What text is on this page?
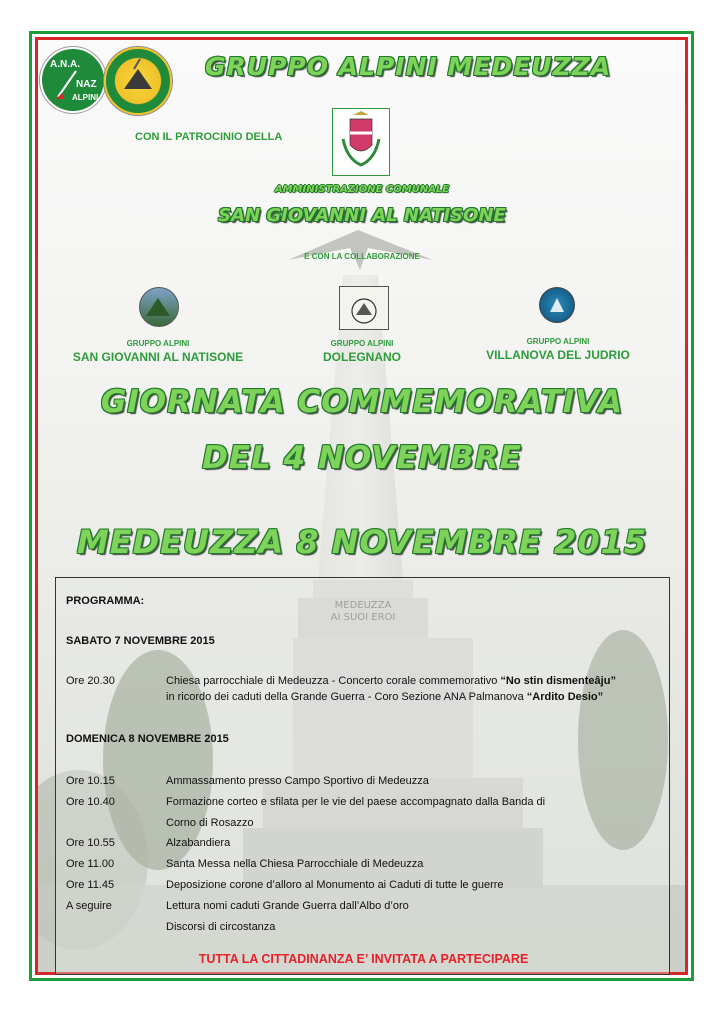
MEDEUZZA
AI SUOI EROI
A.N.A.
NAZ
ALPINI
GRUPPO ALPINI MEDEUZZA
CON IL PATROCINIO DELLA
AMMINISTRAZIONE COMUNALE
SAN GIOVANNI AL NATISONE
E CON LA COLLABORAZIONE
GRUPPO ALPINI
SAN GIOVANNI AL NATISONE
GRUPPO ALPINI
DOLEGNANO
GRUPPO ALPINI
VILLANOVA DEL JUDRIO
GIORNATA COMMEMORATIVA
DEL 4 NOVEMBRE
MEDEUZZA 8 NOVEMBRE 2015
PROGRAMMA:
SABATO 7 NOVEMBRE 2015
Ore 20.30	Chiesa parrocchiale di Medeuzza - Concerto corale commemorativo “No stin dismenteâju”
in ricordo dei caduti della Grande Guerra - Coro Sezione ANA Palmanova “Ardito Desio”
DOMENICA 8 NOVEMBRE 2015
Ore 10.15	Ammassamento presso Campo Sportivo di Medeuzza
Ore 10.40	Formazione corteo e sfilata per le vie del paese accompagnato dalla Banda di
Corno di Rosazzo
Ore 10.55	Alzabandiera
Ore 11.00	Santa Messa nella Chiesa Parrocchiale di Medeuzza
Ore 11.45	Deposizione corone d’alloro al Monumento ai Caduti di tutte le guerre
A seguire	Lettura nomi caduti Grande Guerra dall’Albo d’oro
Discorsi di circostanza
TUTTA LA CITTADINANZA E’ INVITATA A PARTECIPARE
